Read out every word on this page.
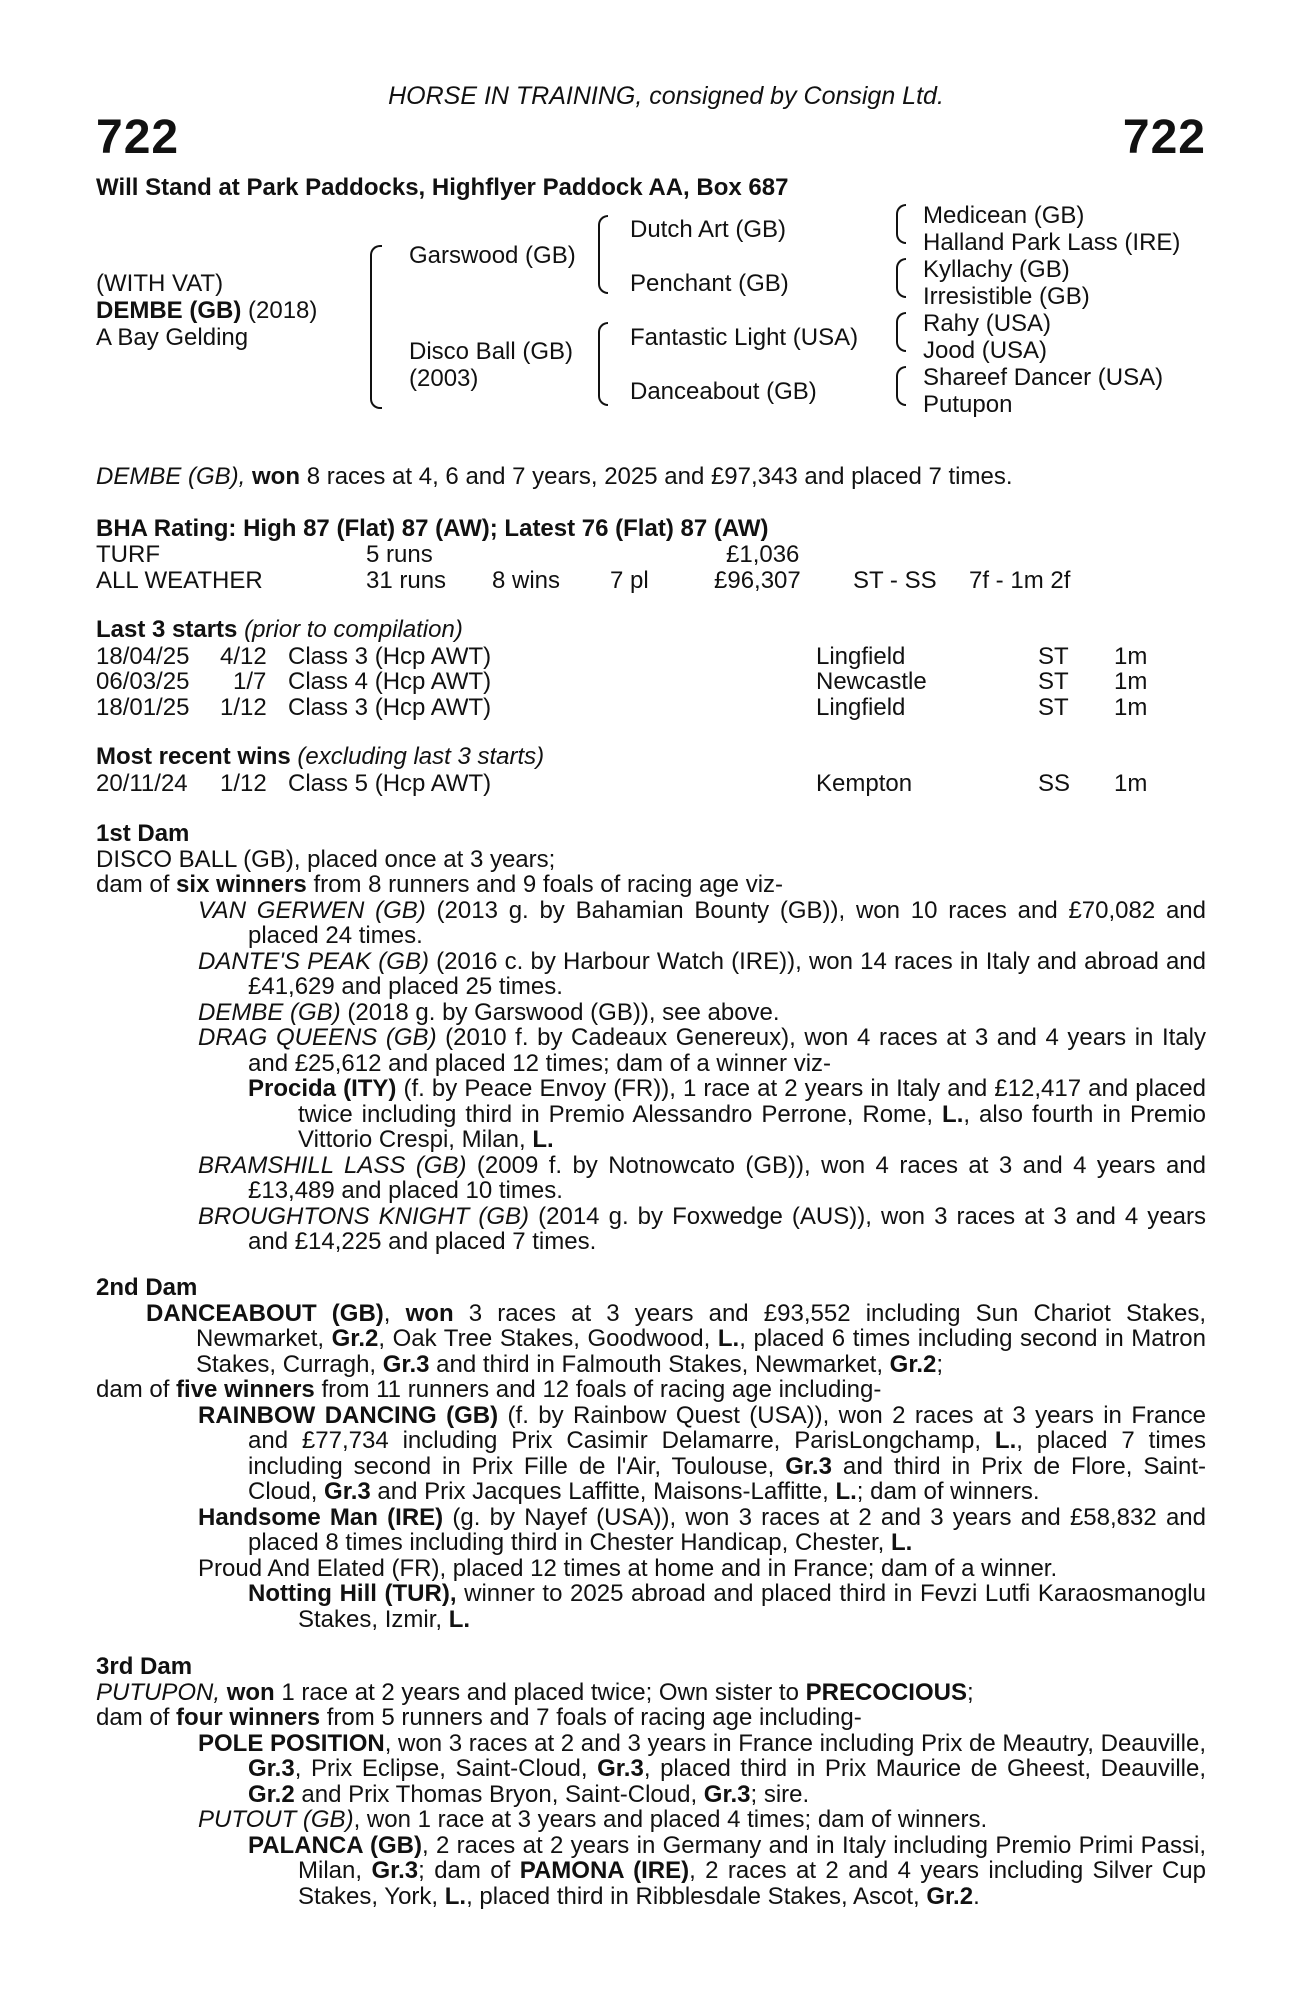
HORSE IN TRAINING, consigned by Consign Ltd.
722	722
Will Stand at Park Paddocks, Highflyer Paddock AA, Box 687
(WITH VAT)
DEMBE (GB) (2018)
A Bay Gelding
Garswood (GB)
Disco Ball (GB)
(2003)
Dutch Art (GB)
Penchant (GB)
Fantastic Light (USA)
Danceabout (GB)
Medicean (GB)
Halland Park Lass (IRE)
Kyllachy (GB)
Irresistible (GB)
Rahy (USA)
Jood (USA)
Shareef Dancer (USA)
Putupon
DEMBE (GB), won 8 races at 4, 6 and 7 years, 2025 and £97,343 and placed 7 times.
BHA Rating: High 87 (Flat) 87 (AW); Latest 76 (Flat) 87 (AW)
TURF	5 runs	£1,036
ALL WEATHER	31 runs 8 wins 7 pl	£96,307 ST - SS 7f - 1m 2f
Last 3 starts (prior to compilation)
18/04/25 4/12 Class 3 (Hcp AWT)	Lingfield	ST 1m
06/03/25 1/7 Class 4 (Hcp AWT)	Newcastle	ST 1m
18/01/25 1/12 Class 3 (Hcp AWT)	Lingfield	ST 1m
Most recent wins (excluding last 3 starts)
20/11/24 1/12 Class 5 (Hcp AWT)	Kempton	SS 1m

1st Dam

DISCO BALL (GB), placed once at 3 years;

dam of six winners from 8 runners and 9 foals of racing age viz-

VAN GERWEN (GB) (2013 g. by Bahamian Bounty (GB)), won 10 races and £70,082 and placed 24 times.

DANTE'S PEAK (GB) (2016 c. by Harbour Watch (IRE)), won 14 races in Italy and abroad and £41,629 and placed 25 times.

DEMBE (GB) (2018 g. by Garswood (GB)), see above.

DRAG QUEENS (GB) (2010 f. by Cadeaux Genereux), won 4 races at 3 and 4 years in Italy and £25,612 and placed 12 times; dam of a winner viz-

Procida (ITY) (f. by Peace Envoy (FR)), 1 race at 2 years in Italy and £12,417 and placed twice including third in Premio Alessandro Perrone, Rome, L., also fourth in Premio Vittorio Crespi, Milan, L.

BRAMSHILL LASS (GB) (2009 f. by Notnowcato (GB)), won 4 races at 3 and 4 years and £13,489 and placed 10 times.

BROUGHTONS KNIGHT (GB) (2014 g. by Foxwedge (AUS)), won 3 races at 3 and 4 years and £14,225 and placed 7 times.

2nd Dam

DANCEABOUT (GB), won 3 races at 3 years and £93,552 including Sun Chariot Stakes, Newmarket, Gr.2, Oak Tree Stakes, Goodwood, L., placed 6 times including second in Matron Stakes, Curragh, Gr.3 and third in Falmouth Stakes, Newmarket, Gr.2;

dam of five winners from 11 runners and 12 foals of racing age including-

RAINBOW DANCING (GB) (f. by Rainbow Quest (USA)), won 2 races at 3 years in France and £77,734 including Prix Casimir Delamarre, ParisLongchamp, L., placed 7 times including second in Prix Fille de l'Air, Toulouse, Gr.3 and third in Prix de Flore, Saint-Cloud, Gr.3 and Prix Jacques Laffitte, Maisons-Laffitte, L.; dam of winners.

Handsome Man (IRE) (g. by Nayef (USA)), won 3 races at 2 and 3 years and £58,832 and placed 8 times including third in Chester Handicap, Chester, L.

Proud And Elated (FR), placed 12 times at home and in France; dam of a winner.

Notting Hill (TUR), winner to 2025 abroad and placed third in Fevzi Lutfi Karaosmanoglu Stakes, Izmir, L.

3rd Dam

PUTUPON, won 1 race at 2 years and placed twice; Own sister to PRECOCIOUS;

dam of four winners from 5 runners and 7 foals of racing age including-

POLE POSITION, won 3 races at 2 and 3 years in France including Prix de Meautry, Deauville, Gr.3, Prix Eclipse, Saint-Cloud, Gr.3, placed third in Prix Maurice de Gheest, Deauville, Gr.2 and Prix Thomas Bryon, Saint-Cloud, Gr.3; sire.

PUTOUT (GB), won 1 race at 3 years and placed 4 times; dam of winners.

PALANCA (GB), 2 races at 2 years in Germany and in Italy including Premio Primi Passi, Milan, Gr.3; dam of PAMONA (IRE), 2 races at 2 and 4 years including Silver Cup Stakes, York, L., placed third in Ribblesdale Stakes, Ascot, Gr.2.
